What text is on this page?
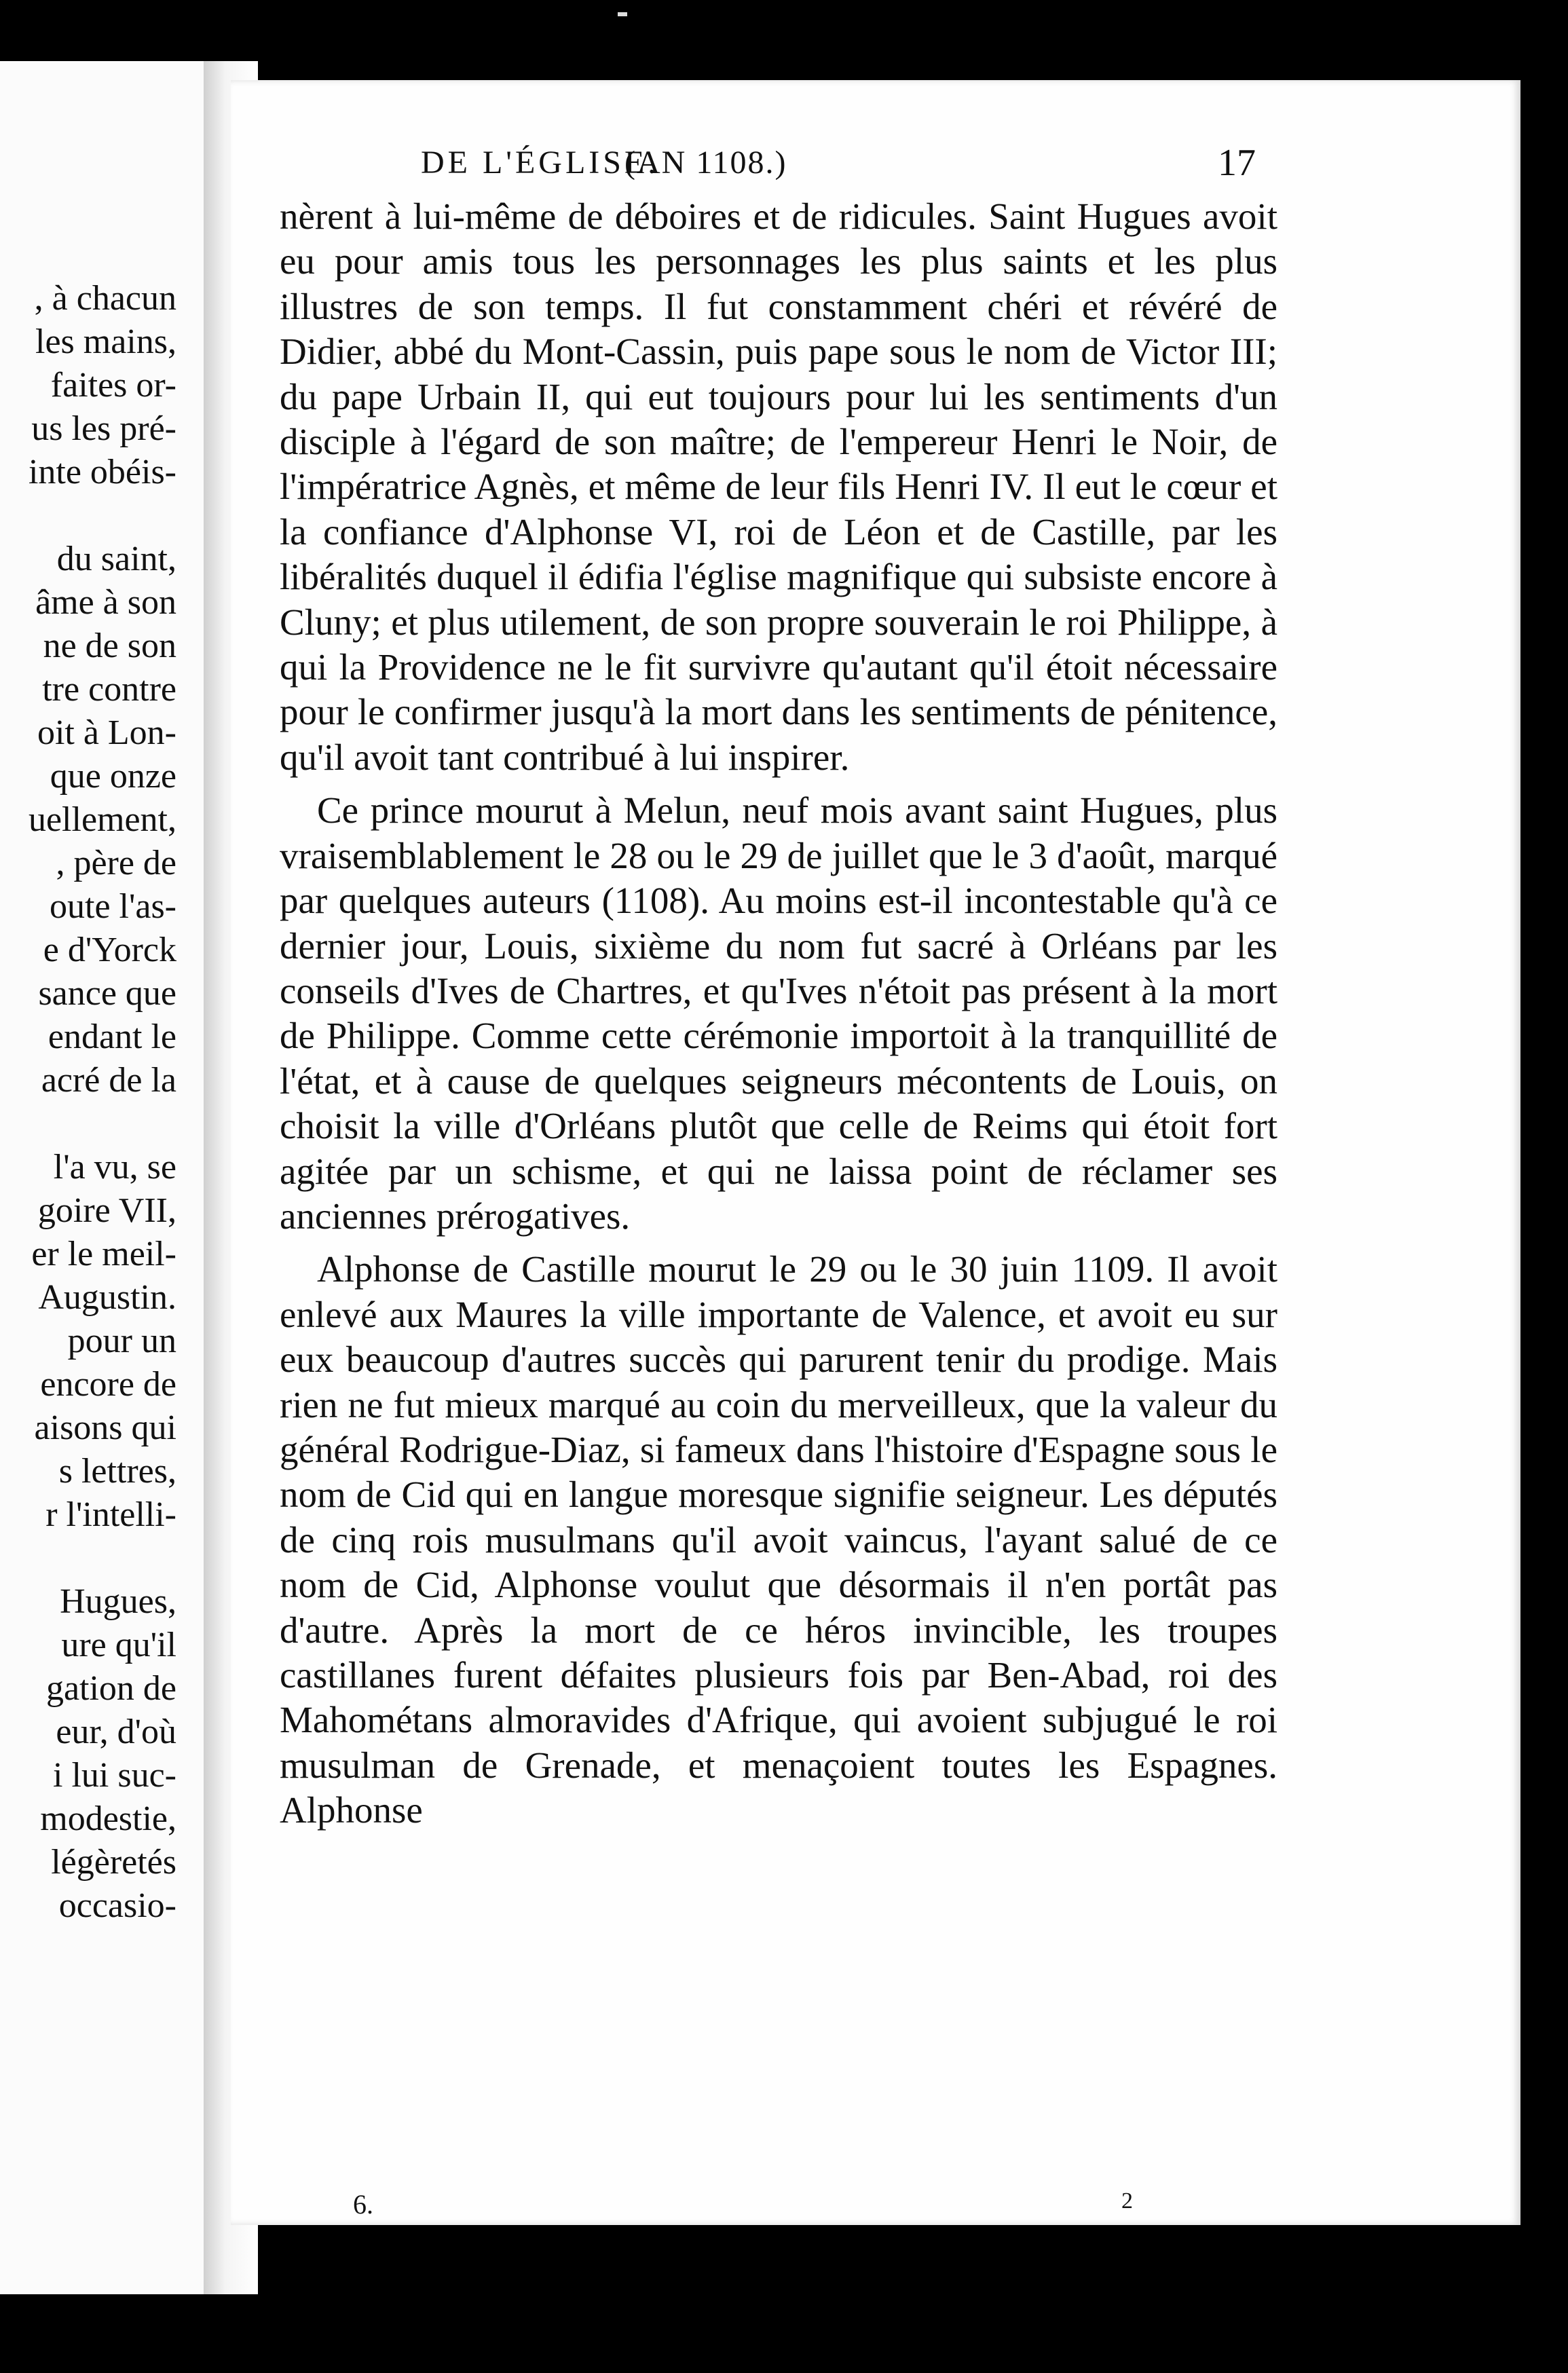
, à chacun
les mains,
faites or-
us les pré-
inte obéis-
du saint,
âme à son
ne de son
tre contre
oit à Lon-
que onze
uellement,
, père de
oute l'as-
e d'Yorck
sance que
endant le
acré de la
l'a vu, se
goire VII,
er le meil-
Augustin.
pour un
encore de
aisons qui
s lettres,
r l'intelli-
Hugues,
ure qu'il
gation de
eur, d'où
i lui suc-
modestie,
légèretés
occasio-
DE L'ÉGLISE.
(AN 1108.)	17

nèrent à lui-même de déboires et de ridicules. Saint Hugues avoit eu pour amis tous les personnages les plus saints et les plus illustres de son temps. Il fut constamment chéri et révéré de Didier, abbé du Mont-Cassin, puis pape sous le nom de Victor III; du pape Urbain II, qui eut toujours pour lui les sentiments d'un disciple à l'égard de son maître; de l'empereur Henri le Noir, de l'impératrice Agnès, et même de leur fils Henri IV. Il eut le cœur et la confiance d'Alphonse VI, roi de Léon et de Castille, par les libéralités duquel il édifia l'église magnifique qui subsiste encore à Cluny; et plus utilement, de son propre souverain le roi Philippe, à qui la Providence ne le fit survivre qu'autant qu'il étoit nécessaire pour le confirmer jusqu'à la mort dans les sentiments de pénitence, qu'il avoit tant contribué à lui inspirer.

Ce prince mourut à Melun, neuf mois avant saint Hugues, plus vraisemblablement le 28 ou le 29 de juillet que le 3 d'août, marqué par quelques auteurs (1108). Au moins est-il incontestable qu'à ce dernier jour, Louis, sixième du nom fut sacré à Orléans par les conseils d'Ives de Chartres, et qu'Ives n'étoit pas présent à la mort de Philippe. Comme cette cérémonie importoit à la tranquillité de l'état, et à cause de quelques seigneurs mécontents de Louis, on choisit la ville d'Orléans plutôt que celle de Reims qui étoit fort agitée par un schisme, et qui ne laissa point de réclamer ses anciennes prérogatives.

Alphonse de Castille mourut le 29 ou le 30 juin 1109. Il avoit enlevé aux Maures la ville importante de Valence, et avoit eu sur eux beaucoup d'autres succès qui parurent tenir du prodige. Mais rien ne fut mieux marqué au coin du merveilleux, que la valeur du général Rodrigue-Diaz, si fameux dans l'histoire d'Espagne sous le nom de Cid qui en langue moresque signifie seigneur. Les députés de cinq rois musulmans qu'il avoit vaincus, l'ayant salué de ce nom de Cid, Alphonse voulut que désormais il n'en portât pas d'autre. Après la mort de ce héros invincible, les troupes castillanes furent défaites plusieurs fois par Ben-Abad, roi des Mahométans almoravides d'Afrique, qui avoient subjugué le roi musulman de Grenade, et menaçoient toutes les Espagnes. Alphonse

6.	2
